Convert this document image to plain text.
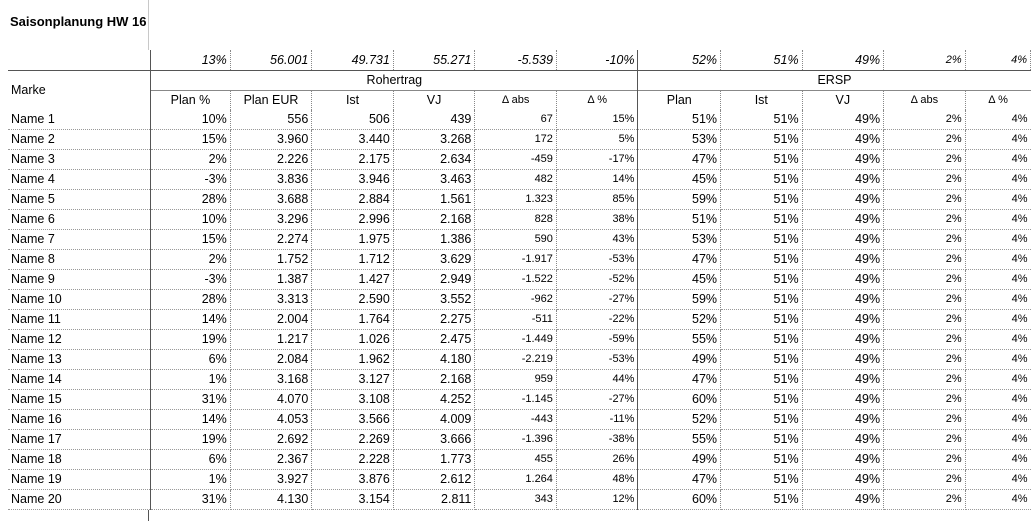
Saisonplanung HW 16
	13%	56.001	49.731	55.271	-5.539	-10%	52%	51%	49%	2%	4%
Marke	Rohertrag						ERSP				
	Plan %	Plan EUR	Ist	VJ	Δ abs	Δ %	Plan	Ist	VJ	Δ abs	Δ %
Name 1	10%	556	506	439	67	15%	51%	51%	49%	2%	4%
Name 2	15%	3.960	3.440	3.268	172	5%	53%	51%	49%	2%	4%
Name 3	2%	2.226	2.175	2.634	-459	-17%	47%	51%	49%	2%	4%
Name 4	-3%	3.836	3.946	3.463	482	14%	45%	51%	49%	2%	4%
Name 5	28%	3.688	2.884	1.561	1.323	85%	59%	51%	49%	2%	4%
Name 6	10%	3.296	2.996	2.168	828	38%	51%	51%	49%	2%	4%
Name 7	15%	2.274	1.975	1.386	590	43%	53%	51%	49%	2%	4%
Name 8	2%	1.752	1.712	3.629	-1.917	-53%	47%	51%	49%	2%	4%
Name 9	-3%	1.387	1.427	2.949	-1.522	-52%	45%	51%	49%	2%	4%
Name 10	28%	3.313	2.590	3.552	-962	-27%	59%	51%	49%	2%	4%
Name 11	14%	2.004	1.764	2.275	-511	-22%	52%	51%	49%	2%	4%
Name 12	19%	1.217	1.026	2.475	-1.449	-59%	55%	51%	49%	2%	4%
Name 13	6%	2.084	1.962	4.180	-2.219	-53%	49%	51%	49%	2%	4%
Name 14	1%	3.168	3.127	2.168	959	44%	47%	51%	49%	2%	4%
Name 15	31%	4.070	3.108	4.252	-1.145	-27%	60%	51%	49%	2%	4%
Name 16	14%	4.053	3.566	4.009	-443	-11%	52%	51%	49%	2%	4%
Name 17	19%	2.692	2.269	3.666	-1.396	-38%	55%	51%	49%	2%	4%
Name 18	6%	2.367	2.228	1.773	455	26%	49%	51%	49%	2%	4%
Name 19	1%	3.927	3.876	2.612	1.264	48%	47%	51%	49%	2%	4%
Name 20	31%	4.130	3.154	2.811	343	12%	60%	51%	49%	2%	4%
